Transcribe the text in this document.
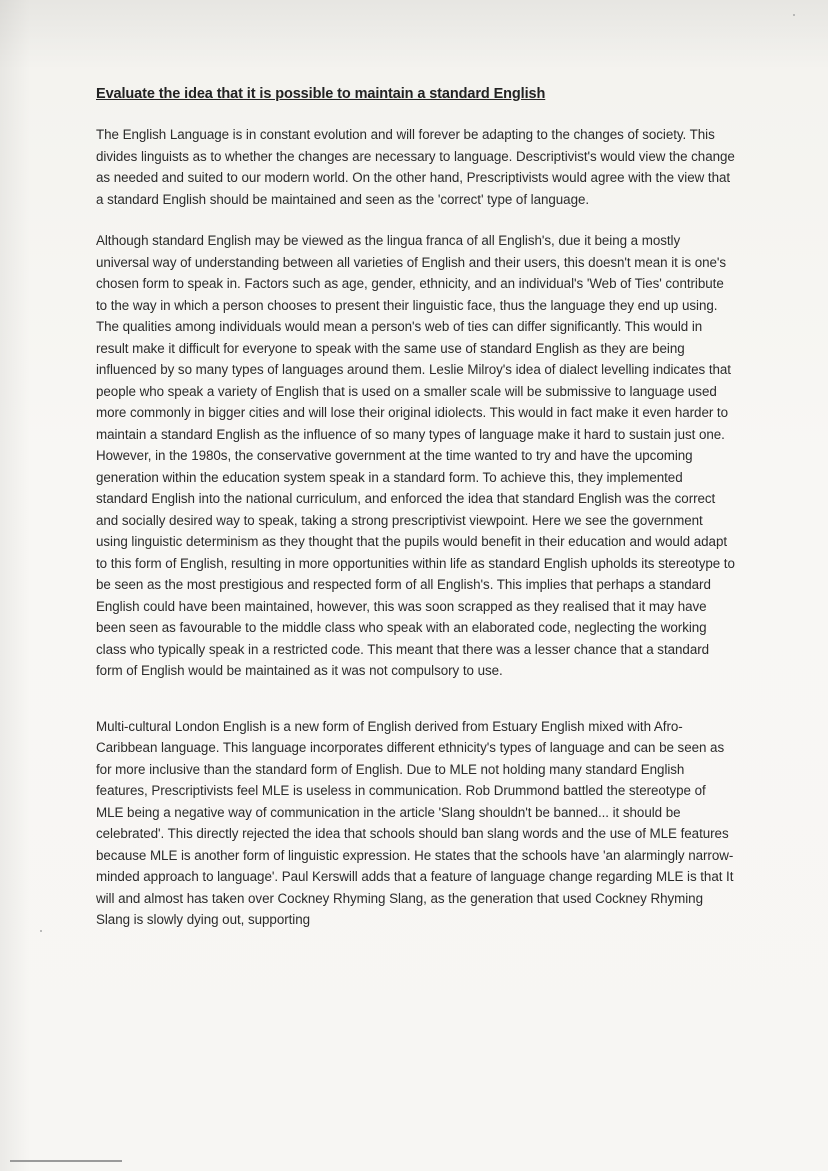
Evaluate the idea that it is possible to maintain a standard English

The English Language is in constant evolution and will forever be adapting to the changes of society. This divides linguists as to whether the changes are necessary to language. Descriptivist's would view the change as needed and suited to our modern world. On the other hand, Prescriptivists would agree with the view that a standard English should be maintained and seen as the 'correct' type of language.

Although standard English may be viewed as the lingua franca of all English's, due it being a mostly universal way of understanding between all varieties of English and their users, this doesn't mean it is one's chosen form to speak in. Factors such as age, gender, ethnicity, and an individual's 'Web of Ties' contribute to the way in which a person chooses to present their linguistic face, thus the language they end up using. The qualities among individuals would mean a person's web of ties can differ significantly. This would in result make it difficult for everyone to speak with the same use of standard English as they are being influenced by so many types of languages around them. Leslie Milroy's idea of dialect levelling indicates that people who speak a variety of English that is used on a smaller scale will be submissive to language used more commonly in bigger cities and will lose their original idiolects. This would in fact make it even harder to maintain a standard English as the influence of so many types of language make it hard to sustain just one. However, in the 1980s, the conservative government at the time wanted to try and have the upcoming generation within the education system speak in a standard form. To achieve this, they implemented standard English into the national curriculum, and enforced the idea that standard English was the correct and socially desired way to speak, taking a strong prescriptivist viewpoint. Here we see the government using linguistic determinism as they thought that the pupils would benefit in their education and would adapt to this form of English, resulting in more opportunities within life as standard English upholds its stereotype to be seen as the most prestigious and respected form of all English's. This implies that perhaps a standard English could have been maintained, however, this was soon scrapped as they realised that it may have been seen as favourable to the middle class who speak with an elaborated code, neglecting the working class who typically speak in a restricted code. This meant that there was a lesser chance that a standard form of English would be maintained as it was not compulsory to use.

Multi-cultural London English is a new form of English derived from Estuary English mixed with Afro-Caribbean language. This language incorporates different ethnicity's types of language and can be seen as for more inclusive than the standard form of English. Due to MLE not holding many standard English features, Prescriptivists feel MLE is useless in communication. Rob Drummond battled the stereotype of MLE being a negative way of communication in the article 'Slang shouldn't be banned... it should be celebrated'. This directly rejected the idea that schools should ban slang words and the use of MLE features because MLE is another form of linguistic expression. He states that the schools have 'an alarmingly narrow-minded approach to language'. Paul Kerswill adds that a feature of language change regarding MLE is that It will and almost has taken over Cockney Rhyming Slang, as the generation that used Cockney Rhyming Slang is slowly dying out, supporting
